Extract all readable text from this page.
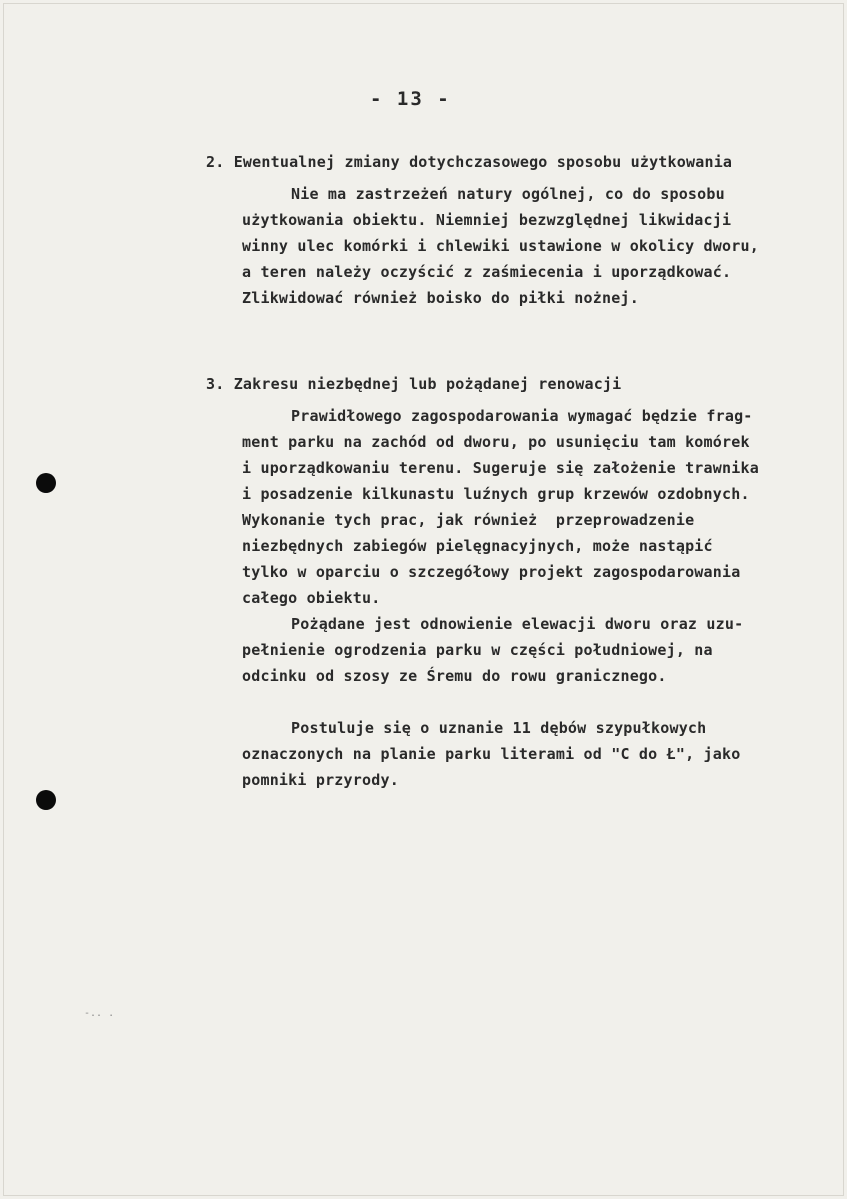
- 13 -
2. Ewentualnej zmiany dotychczasowego sposobu użytkowania
Nie ma zastrzeżeń natury ogólnej, co do sposobu
użytkowania obiektu. Niemniej bezwzględnej likwidacji
winny ulec komórki i chlewiki ustawione w okolicy dworu,
a teren należy oczyścić z zaśmiecenia i uporządkować.
Zlikwidować również boisko do piłki nożnej.
3. Zakresu niezbędnej lub pożądanej renowacji
Prawidłowego zagospodarowania wymagać będzie frag-
ment parku na zachód od dworu, po usunięciu tam komórek
i uporządkowaniu terenu. Sugeruje się założenie trawnika
i posadzenie kilkunastu luźnych grup krzewów ozdobnych.
Wykonanie tych prac, jak również  przeprowadzenie
niezbędnych zabiegów pielęgnacyjnych, może nastąpić
tylko w oparciu o szczegółowy projekt zagospodarowania
całego obiektu.
Pożądane jest odnowienie elewacji dworu oraz uzu-
pełnienie ogrodzenia parku w części południowej, na
odcinku od szosy ze Śremu do rowu granicznego.
Postuluje się o uznanie 11 dębów szypułkowych
oznaczonych na planie parku literami od "C do Ł", jako
pomniki przyrody.
-.. .
